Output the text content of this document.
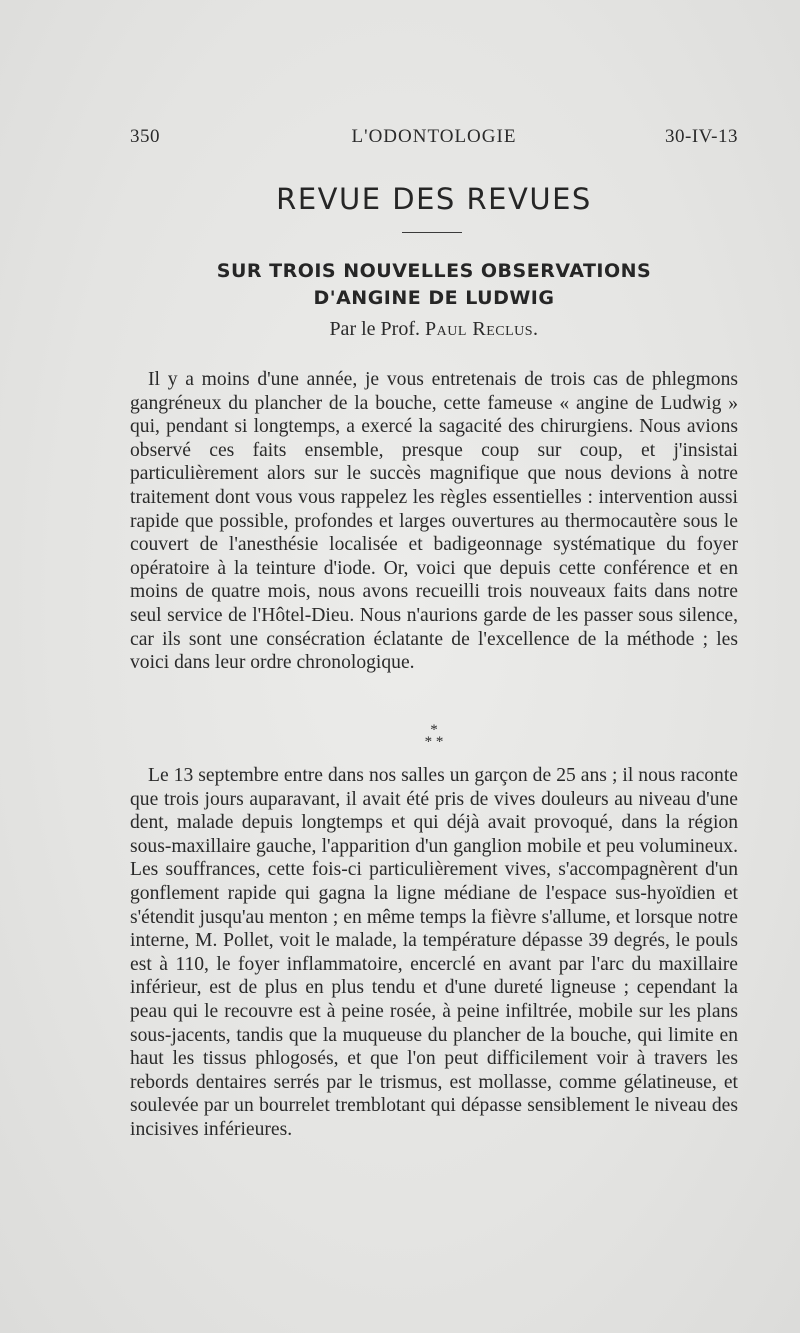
350	L'ODONTOLOGIE	30-IV-13
REVUE DES REVUES
SUR TROIS NOUVELLES OBSERVATIONS
D'ANGINE DE LUDWIG
Par le Prof. Paul Reclus.

Il y a moins d'une année, je vous entretenais de trois cas de phlegmons gangréneux du plancher de la bouche, cette fameuse « angine de Ludwig » qui, pendant si longtemps, a exercé la sagacité des chirurgiens. Nous avions observé ces faits ensemble, presque coup sur coup, et j'insistai particulièrement alors sur le succès magnifique que nous devions à notre traitement dont vous vous rappelez les règles essentielles : intervention aussi rapide que possible, profondes et larges ouvertures au thermocautère sous le couvert de l'anesthésie localisée et badigeonnage systématique du foyer opératoire à la teinture d'iode. Or, voici que depuis cette conférence et en moins de quatre mois, nous avons recueilli trois nouveaux faits dans notre seul service de l'Hôtel-Dieu. Nous n'aurions garde de les passer sous silence, car ils sont une consécration éclatante de l'excellence de la méthode ; les voici dans leur ordre chronologique.

*
* *

Le 13 septembre entre dans nos salles un garçon de 25 ans ; il nous raconte que trois jours auparavant, il avait été pris de vives douleurs au niveau d'une dent, malade depuis longtemps et qui déjà avait provoqué, dans la région sous-maxillaire gauche, l'apparition d'un ganglion mobile et peu volumineux. Les souffrances, cette fois-ci particulièrement vives, s'accompagnèrent d'un gonflement rapide qui gagna la ligne médiane de l'espace sus-hyoïdien et s'étendit jusqu'au menton ; en même temps la fièvre s'allume, et lorsque notre interne, M. Pollet, voit le malade, la température dépasse 39 degrés, le pouls est à 110, le foyer inflammatoire, encerclé en avant par l'arc du maxillaire inférieur, est de plus en plus tendu et d'une dureté ligneuse ; cependant la peau qui le recouvre est à peine rosée, à peine infiltrée, mobile sur les plans sous-jacents, tandis que la muqueuse du plancher de la bouche, qui limite en haut les tissus phlogosés, et que l'on peut difficilement voir à travers les rebords dentaires serrés par le trismus, est mollasse, comme gélatineuse, et soulevée par un bourrelet tremblotant qui dépasse sensiblement le niveau des incisives inférieures.
